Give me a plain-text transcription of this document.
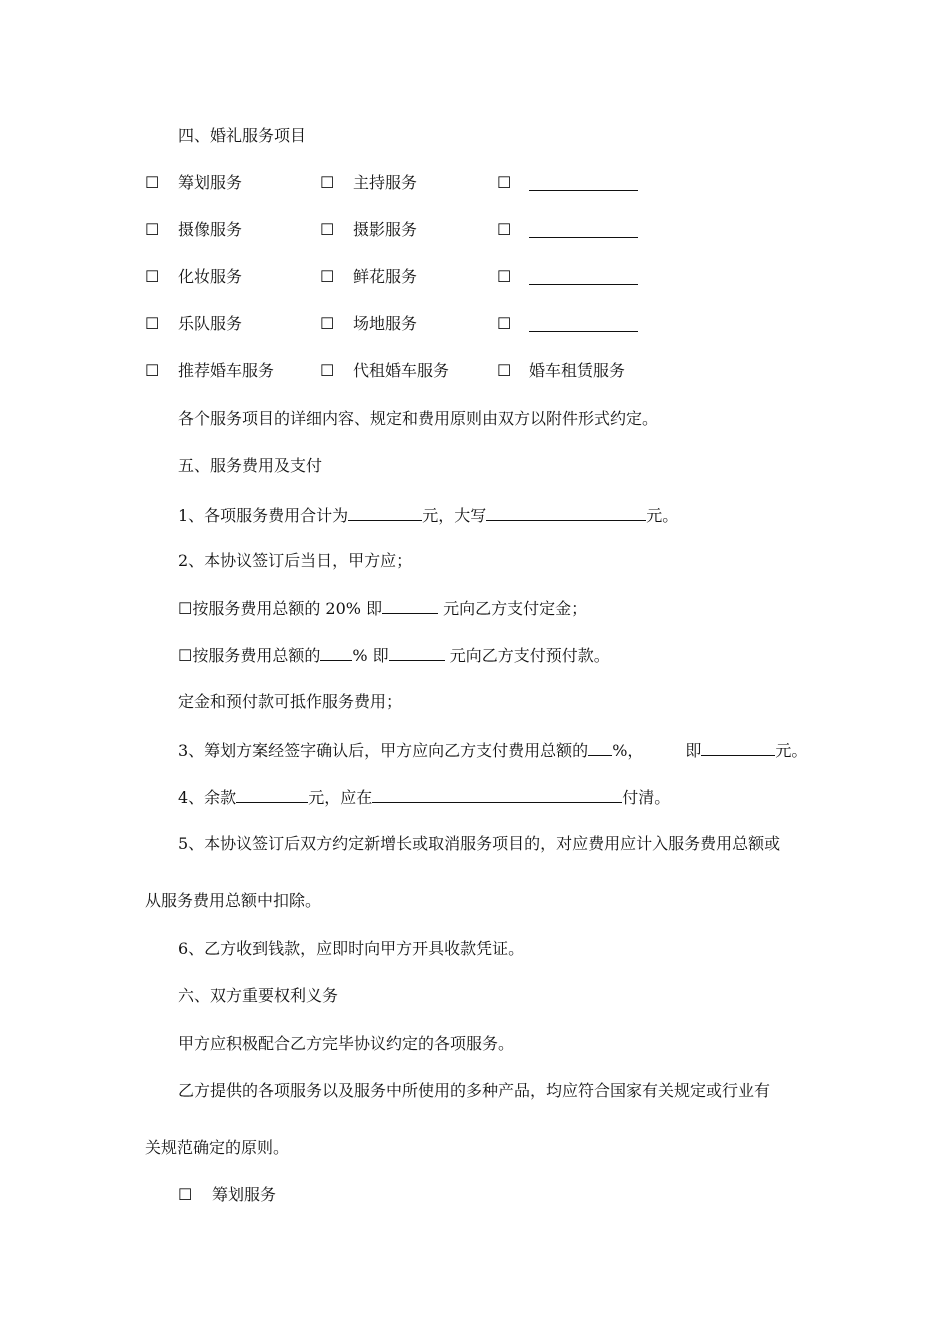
四、婚礼服务项目
☐ 筹划服务	☐ 主持服务	☐
☐ 摄像服务	☐ 摄影服务	☐
☐ 化妆服务	☐ 鲜花服务	☐
☐ 乐队服务	☐ 场地服务	☐
☐ 推荐婚车服务	☐ 代租婚车服务	☐ 婚车租赁服务
各个服务项目的详细内容、规定和费用原则由双方以附件形式约定。
五、服务费用及支付
1、各项服务费用合计为	元，大写	元。
2、本协议签订后当日，甲方应；
☐按服务费用总额的 20% 即	元向乙方支付定金；
☐按服务费用总额的 % 即	元向乙方支付预付款。
定金和预付款可抵作服务费用；
3、筹划方案经签字确认后，甲方应向乙方支付费用总额的 %，	即	元。
4、余款	元，应在	付清。
5、本协议签订后双方约定新增长或取消服务项目的，对应费用应计入服务费用总额或
从服务费用总额中扣除。
6、乙方收到钱款，应即时向甲方开具收款凭证。
六、双方重要权利义务
甲方应积极配合乙方完毕协议约定的各项服务。
乙方提供的各项服务以及服务中所使用的多种产品，均应符合国家有关规定或行业有
关规范确定的原则。
☐ 筹划服务
